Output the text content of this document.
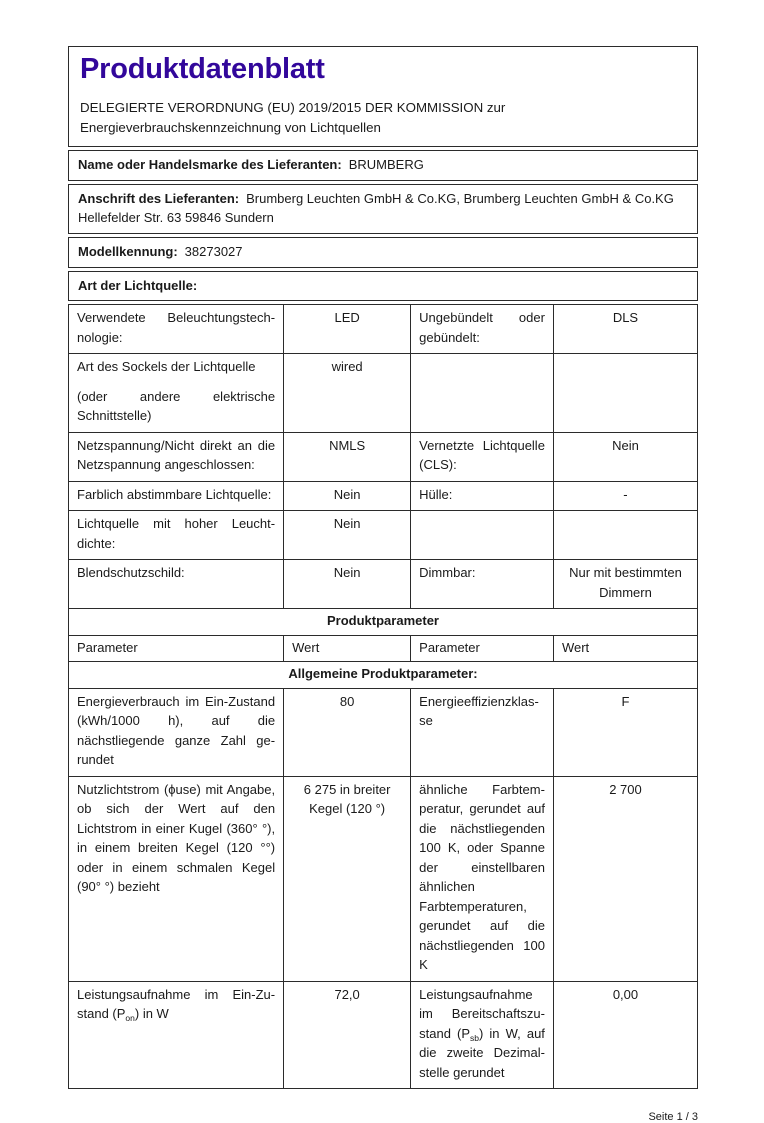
Produktdatenblatt

DELEGIERTE VERORDNUNG (EU) 2019/2015 DER KOMMISSION zur
Energieverbrauchskennzeichnung von Lichtquellen

Name oder Handelsmarke des Lieferanten: BRUMBERG
Anschrift des Lieferanten: Brumberg Leuchten GmbH & Co.KG, Brumberg Leuchten GmbH & Co.KG Hellefelder Str. 63 59846 Sundern
Modellkennung: 38273027
Art der Lichtquelle:
Verwendete Beleuchtungstechnologie:	LED	Ungebündelt oder gebündelt:	DLS
Art des Sockels der Lichtquelle
(oder andere elektrische Schnittstelle)	wired		
Netzspannung/Nicht direkt an die Netzspannung angeschlossen:	NMLS	Vernetzte Lichtquelle (CLS):	Nein
Farblich abstimmbare Lichtquelle:	Nein	Hülle:	-
Lichtquelle mit hoher Leuchtdichte:	Nein		
Blendschutzschild:	Nein	Dimmbar:	Nur mit bestimmten Dimmern
Produktparameter			
Parameter	Wert	Parameter	Wert
Allgemeine Produktparameter:			
Energieverbrauch im Ein-Zustand (kWh/1000 h), auf die nächstliegende ganze Zahl gerundet	80	Energieeffizienzklasse	F
Nutzlichtstrom (ϕuse) mit Angabe, ob sich der Wert auf den Lichtstrom in einer Kugel (360° °), in einem breiten Kegel (120 °°) oder in einem schmalen Kegel (90° °) bezieht	6 275 in breiter Kegel (120 °)	ähnliche Farbtemperatur, gerundet auf die nächstliegenden 100 K, oder Spanne der einstellbaren ähnlichen Farbtemperaturen, gerundet auf die nächstliegenden 100 K	2 700
Leistungsaufnahme im Ein-Zustand $(P_{on})$ in W	72,0	Leistungsaufnahme im Bereitschaftszustand $(P_{sb})$ in W, auf die zweite Dezimalstelle gerundet	0,00
Seite 1 / 3
